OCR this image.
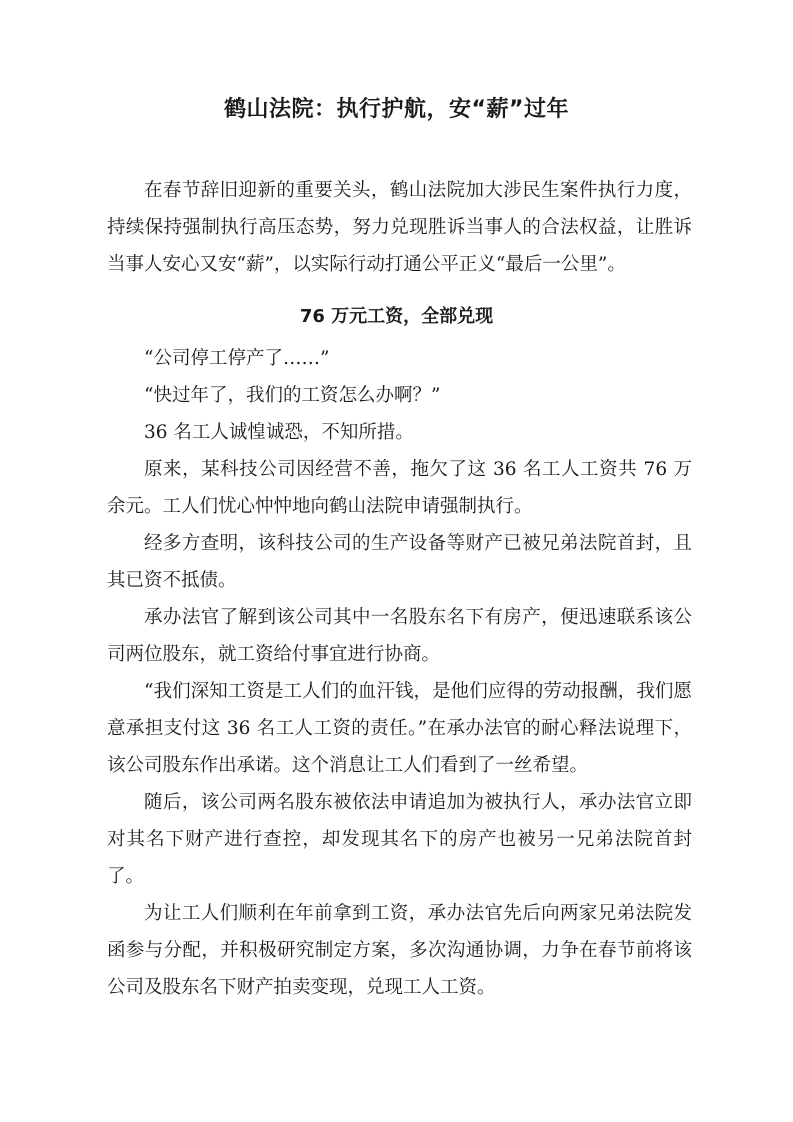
鹤山法院：执行护航，安“薪”过年
在春节辞旧迎新的重要关头，鹤山法院加大涉民生案件执行力度，持续保持强制执行高压态势，努力兑现胜诉当事人的合法权益，让胜诉当事人安心又安“薪”，以实际行动打通公平正义“最后一公里”。
76 万元工资，全部兑现

“公司停工停产了……”

“快过年了，我们的工资怎么办啊？”

36 名工人诚惶诚恐，不知所措。

原来，某科技公司因经营不善，拖欠了这 36 名工人工资共 76 万余元。工人们忧心忡忡地向鹤山法院申请强制执行。

经多方查明，该科技公司的生产设备等财产已被兄弟法院首封，且其已资不抵债。

承办法官了解到该公司其中一名股东名下有房产，便迅速联系该公司两位股东，就工资给付事宜进行协商。

“我们深知工资是工人们的血汗钱，是他们应得的劳动报酬，我们愿意承担支付这 36 名工人工资的责任。”在承办法官的耐心释法说理下，该公司股东作出承诺。这个消息让工人们看到了一丝希望。

随后，该公司两名股东被依法申请追加为被执行人，承办法官立即对其名下财产进行查控，却发现其名下的房产也被另一兄弟法院首封了。

为让工人们顺利在年前拿到工资，承办法官先后向两家兄弟法院发函参与分配，并积极研究制定方案，多次沟通协调，力争在春节前将该公司及股东名下财产拍卖变现，兑现工人工资。
